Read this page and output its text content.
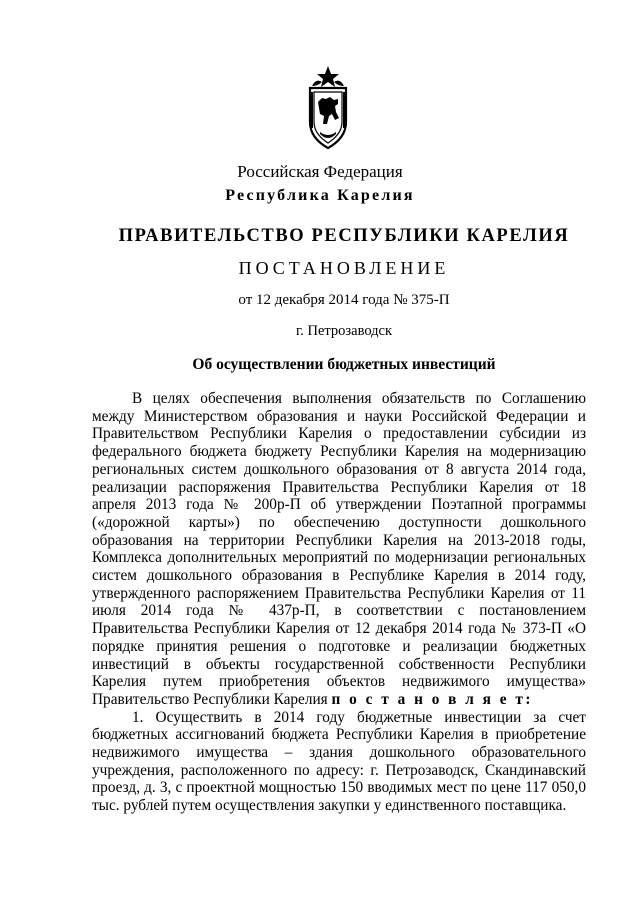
Российская Федерация
Республика Карелия
ПРАВИТЕЛЬСТВО РЕСПУБЛИКИ КАРЕЛИЯ
ПОСТАНОВЛЕНИЕ
от 12 декабря 2014 года № 375-П
г. Петрозаводск
Об осуществлении бюджетных инвестиций

В целях обеспечения выполнения обязательств по Соглашению между Министерством образования и науки Российской Федерации и Правительством Республики Карелия о предоставлении субсидии из федерального бюджета бюджету Республики Карелия на модернизацию региональных систем дошкольного образования от 8 августа 2014 года, реализации распоряжения Правительства Республики Карелия от 18 апреля 2013 года № 200р-П об утверждении Поэтапной программы («дорожной карты») по обеспечению доступности дошкольного образования на территории Республики Карелия на 2013-2018 годы, Комплекса дополнительных мероприятий по модернизации региональных систем дошкольного образования в Республике Карелия в 2014 году, утвержденного распоряжением Правительства Республики Карелия от 11 июля 2014 года № 437р-П, в соответствии с постановлением Правительства Республики Карелия от 12 декабря 2014 года № 373-П «О порядке принятия решения о подготовке и реализации бюджетных инвестиций в объекты государственной собственности Республики Карелия путем приобретения объектов недвижимого имущества» Правительство Республики Карелия п о с т а н о в л я е т:

1. Осуществить в 2014 году бюджетные инвестиции за счет бюджетных ассигнований бюджета Республики Карелия в приобретение недвижимого имущества – здания дошкольного образовательного учреждения, расположенного по адресу: г. Петрозаводск, Скандинавский проезд, д. 3, с проектной мощностью 150 вводимых мест по цене 117 050,0 тыс. рублей путем осуществления закупки у единственного поставщика.
